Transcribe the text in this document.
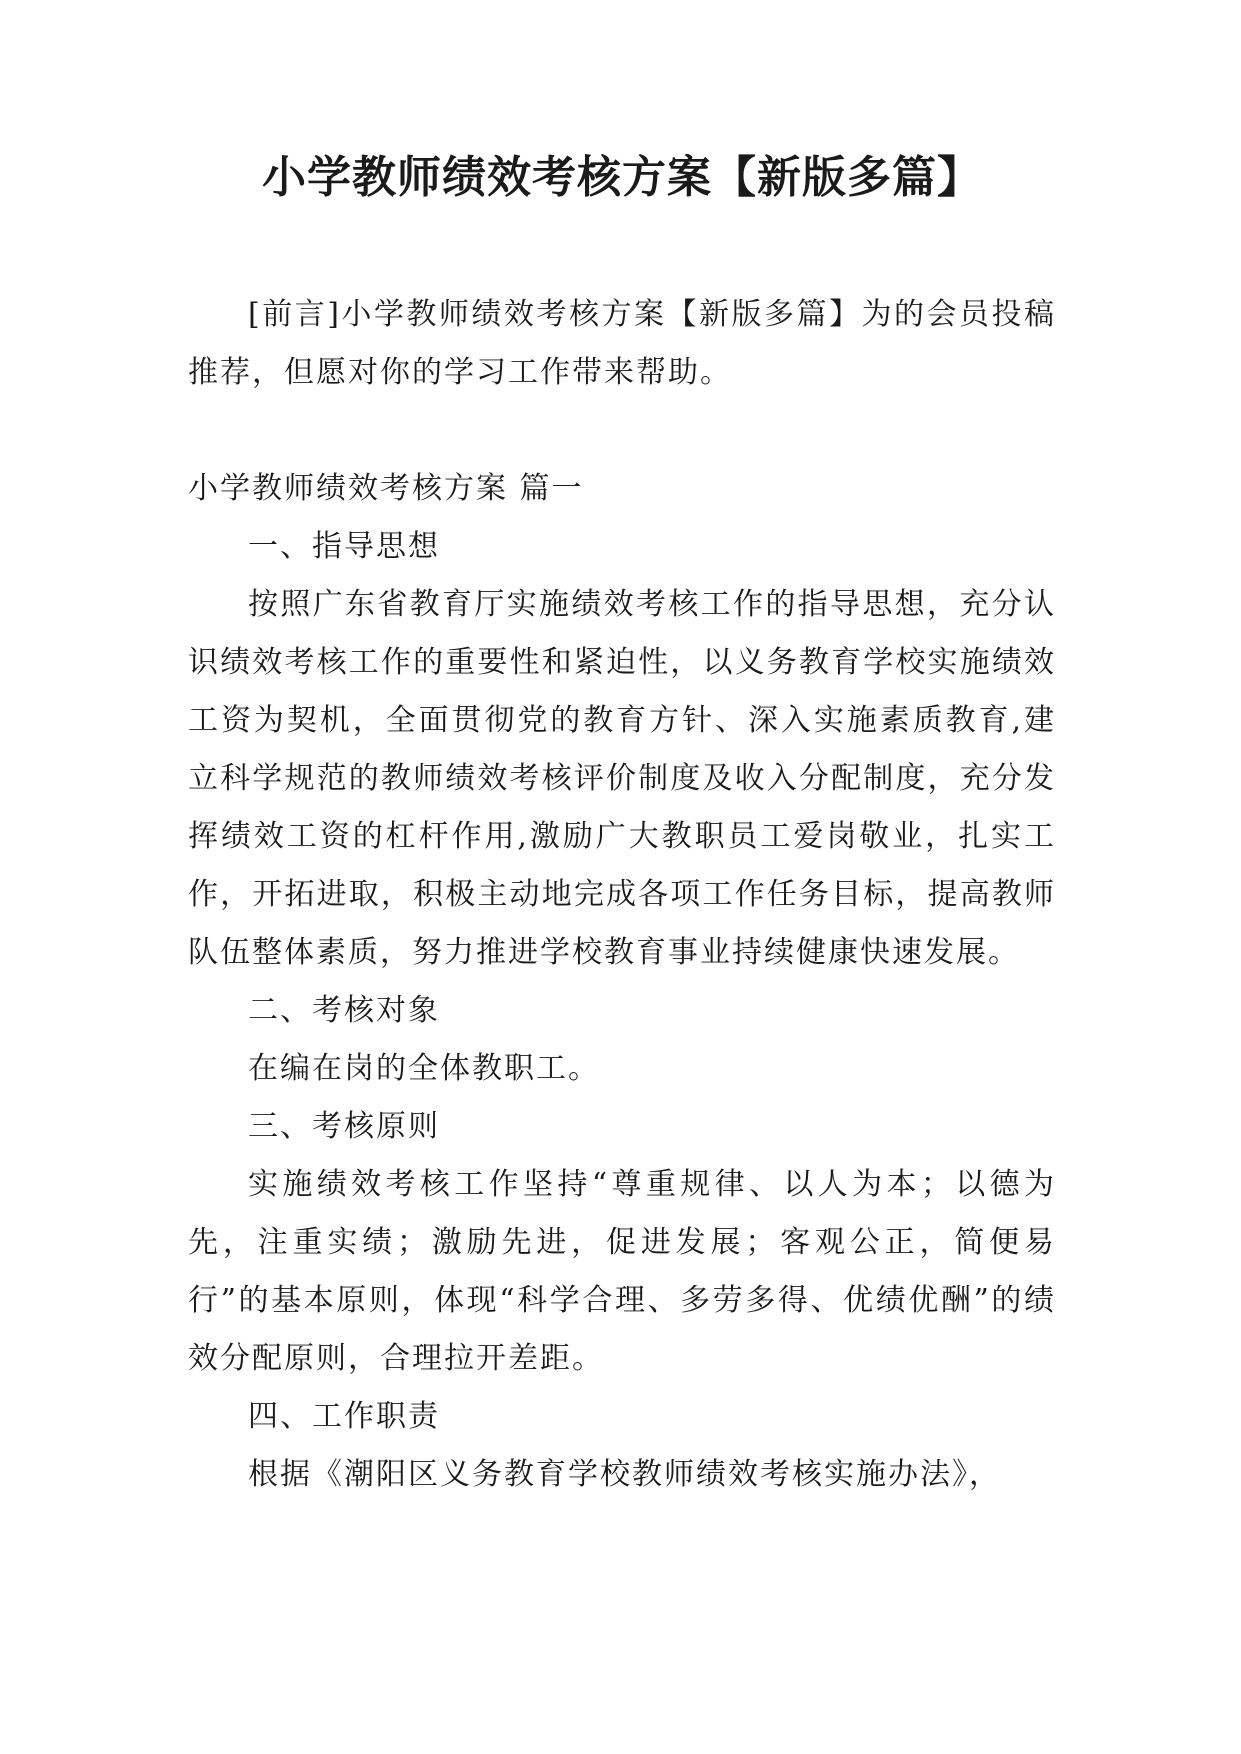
小学教师绩效考核方案【新版多篇】

[前言]小学教师绩效考核方案【新版多篇】为的会员投稿推荐，但愿对你的学习工作带来帮助。

小学教师绩效考核方案 篇一

一、指导思想

按照广东省教育厅实施绩效考核工作的指导思想，充分认识绩效考核工作的重要性和紧迫性，以义务教育学校实施绩效工资为契机，全面贯彻党的教育方针、深入实施素质教育,建立科学规范的教师绩效考核评价制度及收入分配制度，充分发挥绩效工资的杠杆作用,激励广大教职员工爱岗敬业，扎实工作，开拓进取，积极主动地完成各项工作任务目标，提高教师队伍整体素质，努力推进学校教育事业持续健康快速发展。

二、考核对象

在编在岗的全体教职工。

三、考核原则

实施绩效考核工作坚持“尊重规律、以人为本；以德为先，注重实绩；激励先进，促进发展；客观公正，简便易行”的基本原则，体现“科学合理、多劳多得、优绩优酬”的绩效分配原则，合理拉开差距。

四、工作职责

根据《潮阳区义务教育学校教师绩效考核实施办法》，
